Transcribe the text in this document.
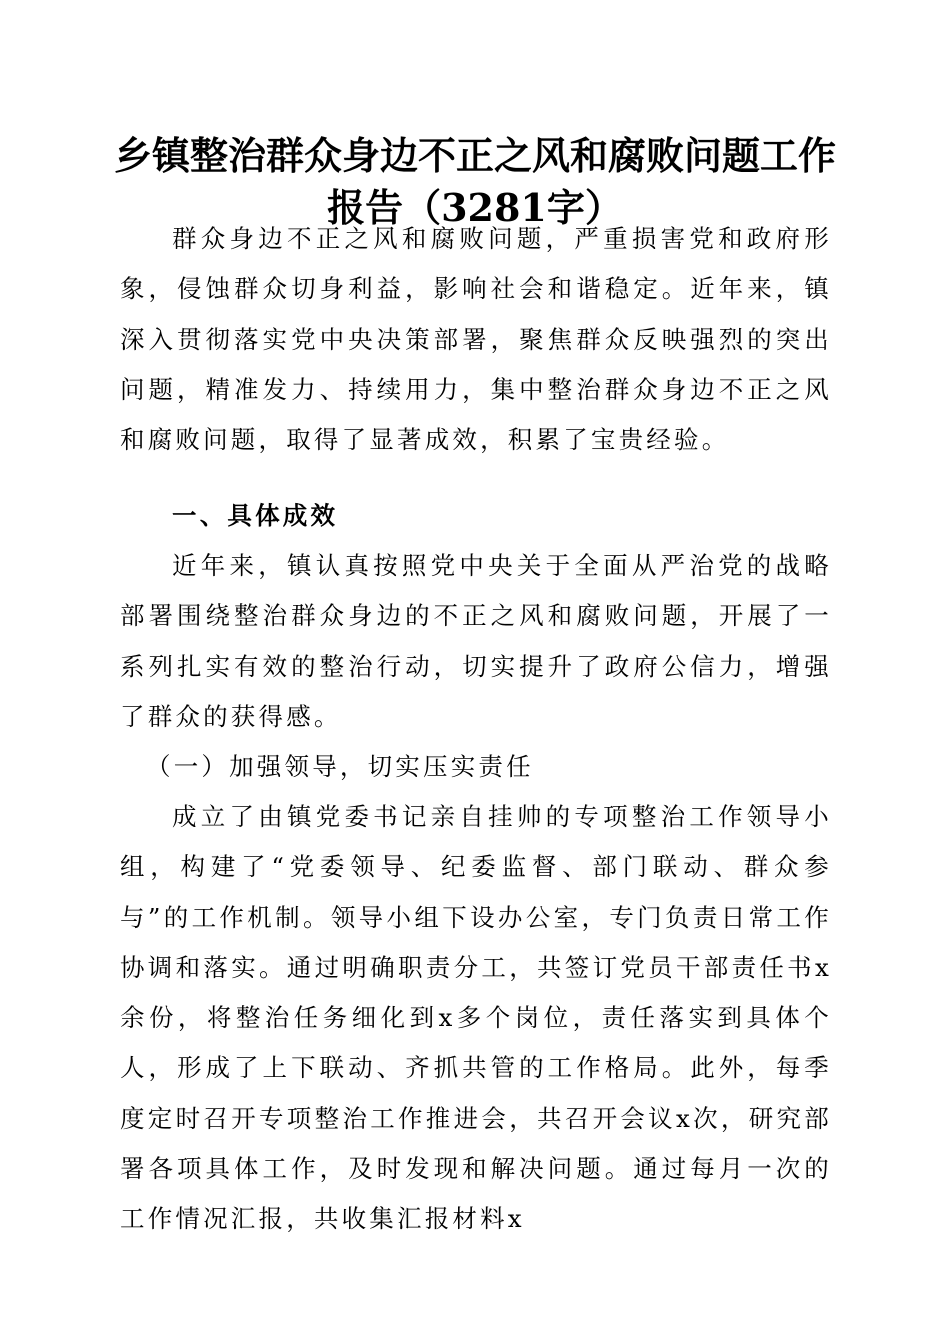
乡镇整治群众身边不正之风和腐败问题工作报告（3281字）

群众身边不正之风和腐败问题，严重损害党和政府形象，侵蚀群众切身利益，影响社会和谐稳定。近年来，镇深入贯彻落实党中央决策部署，聚焦群众反映强烈的突出问题，精准发力、持续用力，集中整治群众身边不正之风和腐败问题，取得了显著成效，积累了宝贵经验。

一、具体成效

近年来，镇认真按照党中央关于全面从严治党的战略部署围绕整治群众身边的不正之风和腐败问题，开展了一系列扎实有效的整治行动，切实提升了政府公信力，增强了群众的获得感。

（一）加强领导，切实压实责任

成立了由镇党委书记亲自挂帅的专项整治工作领导小组，构建了“党委领导、纪委监督、部门联动、群众参与”的工作机制。领导小组下设办公室，专门负责日常工作协调和落实。通过明确职责分工，共签订党员干部责任书x余份，将整治任务细化到x多个岗位，责任落实到具体个人，形成了上下联动、齐抓共管的工作格局。此外，每季度定时召开专项整治工作推进会，共召开会议x次，研究部署各项具体工作，及时发现和解决问题。通过每月一次的工作情况汇报，共收集汇报材料x
